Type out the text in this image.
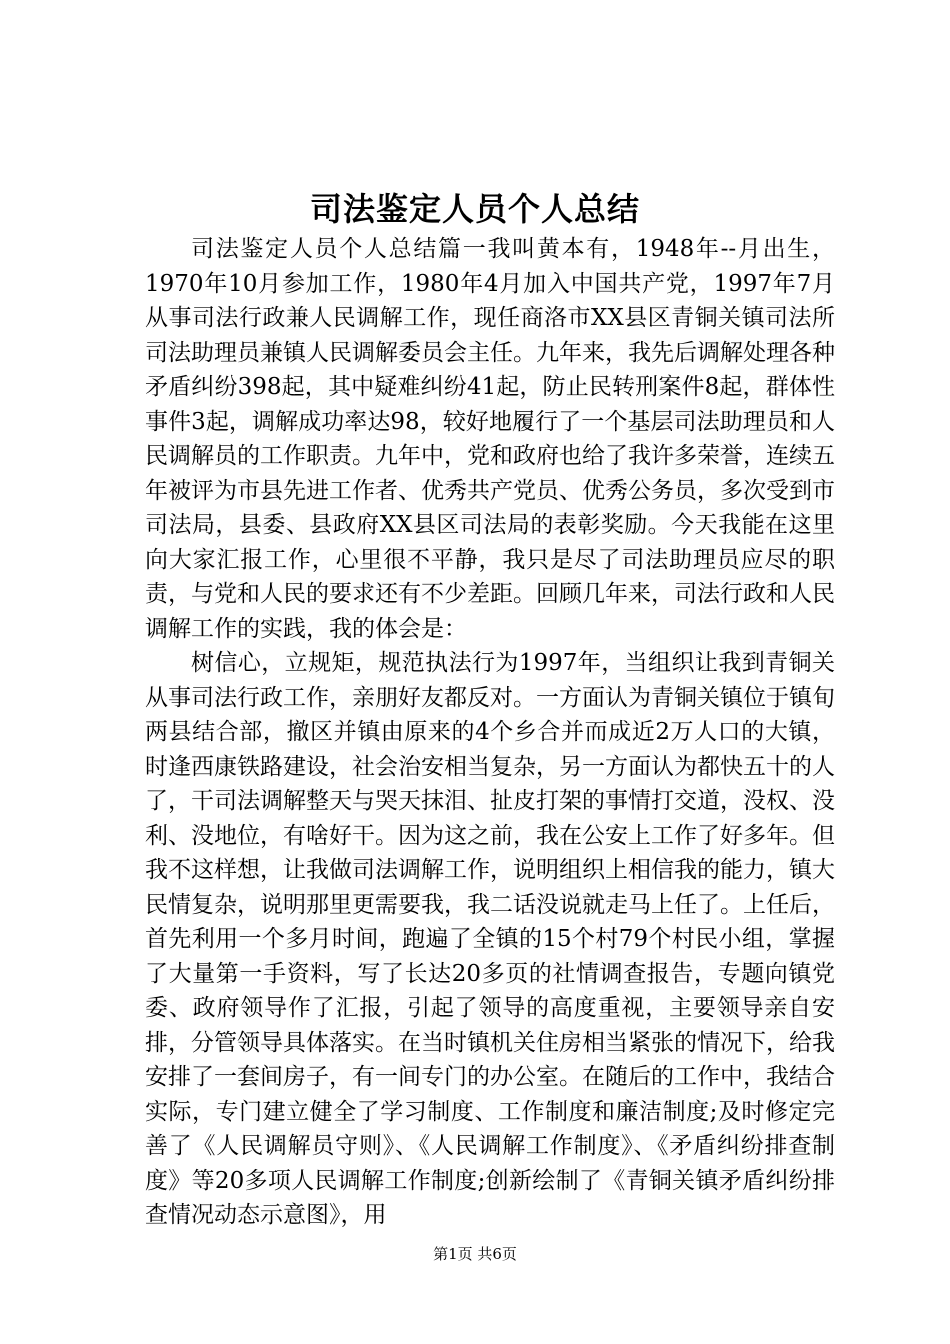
司法鉴定人员个人总结

司法鉴定人员个人总结篇一我叫黄本有，1948年--月出生，1970年10月参加工作，1980年4月加入中国共产党，1997年7月从事司法行政兼人民调解工作，现任商洛市XX县区青铜关镇司法所司法助理员兼镇人民调解委员会主任。九年来，我先后调解处理各种矛盾纠纷398起，其中疑难纠纷41起，防止民转刑案件8起，群体性事件3起，调解成功率达98，较好地履行了一个基层司法助理员和人民调解员的工作职责。九年中，党和政府也给了我许多荣誉，连续五年被评为市县先进工作者、优秀共产党员、优秀公务员，多次受到市司法局，县委、县政府XX县区司法局的表彰奖励。今天我能在这里向大家汇报工作，心里很不平静，我只是尽了司法助理员应尽的职责，与党和人民的要求还有不少差距。回顾几年来，司法行政和人民调解工作的实践，我的体会是：

树信心，立规矩，规范执法行为1997年，当组织让我到青铜关从事司法行政工作，亲朋好友都反对。一方面认为青铜关镇位于镇旬两县结合部，撤区并镇由原来的4个乡合并而成近2万人口的大镇，时逢西康铁路建设，社会治安相当复杂，另一方面认为都快五十的人了，干司法调解整天与哭天抹泪、扯皮打架的事情打交道，没权、没利、没地位，有啥好干。因为这之前，我在公安上工作了好多年。但我不这样想，让我做司法调解工作，说明组织上相信我的能力，镇大民情复杂，说明那里更需要我，我二话没说就走马上任了。上任后，首先利用一个多月时间，跑遍了全镇的15个村79个村民小组，掌握了大量第一手资料，写了长达20多页的社情调查报告，专题向镇党委、政府领导作了汇报，引起了领导的高度重视，主要领导亲自安排，分管领导具体落实。在当时镇机关住房相当紧张的情况下，给我安排了一套间房子，有一间专门的办公室。在随后的工作中，我结合实际，专门建立健全了学习制度、工作制度和廉洁制度;及时修定完善了《人民调解员守则》、《人民调解工作制度》、《矛盾纠纷排查制度》等20多项人民调解工作制度;创新绘制了《青铜关镇矛盾纠纷排查情况动态示意图》，用

第1页 共6页
